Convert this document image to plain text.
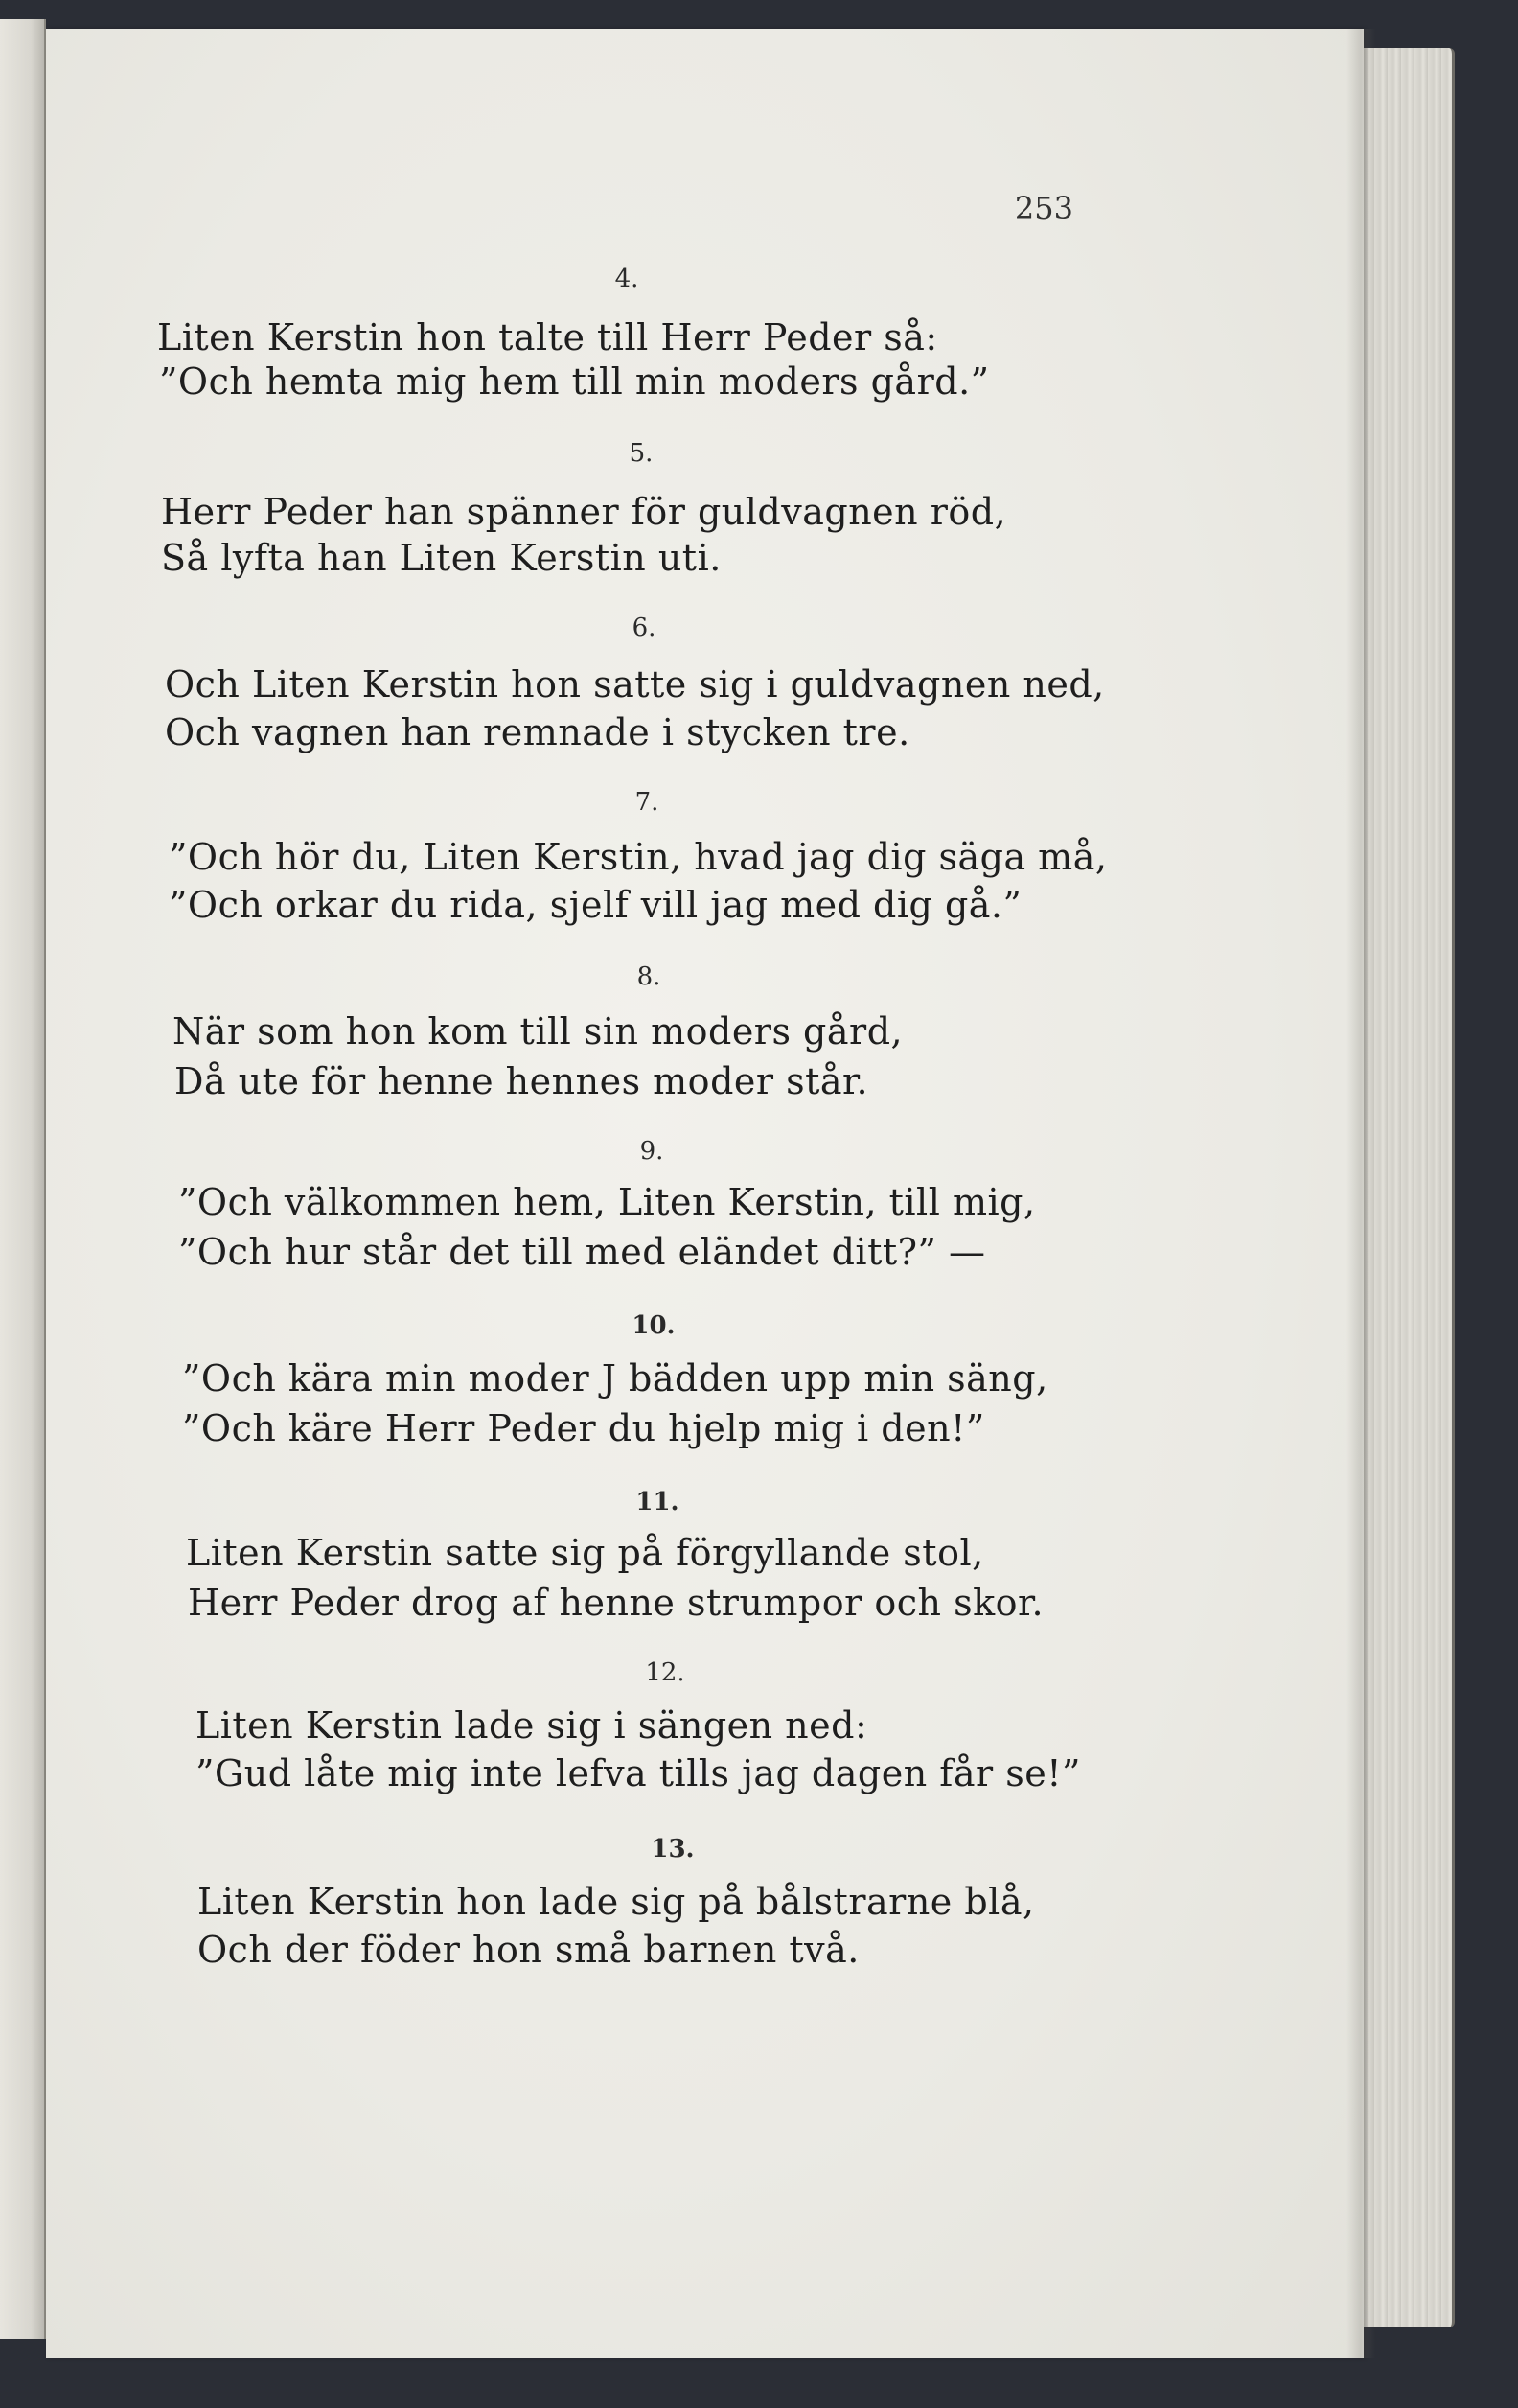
253
4.
Liten Kerstin hon talte till Herr Peder så:
”Och hemta mig hem till min moders gård.”
5.
Herr Peder han spänner för guldvagnen röd,
Så lyfta han Liten Kerstin uti.
6.
Och Liten Kerstin hon satte sig i guldvagnen ned,
Och vagnen han remnade i stycken tre.
7.
”Och hör du, Liten Kerstin, hvad jag dig säga må,
”Och orkar du rida, sjelf vill jag med dig gå.”
8.
När som hon kom till sin moders gård,
Då ute för henne hennes moder står.
9.
”Och välkommen hem, Liten Kerstin, till mig,
”Och hur står det till med eländet ditt?” —
10.
”Och kära min moder J bädden upp min säng,
”Och käre Herr Peder du hjelp mig i den!”
11.
Liten Kerstin satte sig på förgyllande stol,
Herr Peder drog af henne strumpor och skor.
12.
Liten Kerstin lade sig i sängen ned:
”Gud låte mig inte lefva tills jag dagen får se!”
13.
Liten Kerstin hon lade sig på bålstrarne blå,
Och der föder hon små barnen två.
